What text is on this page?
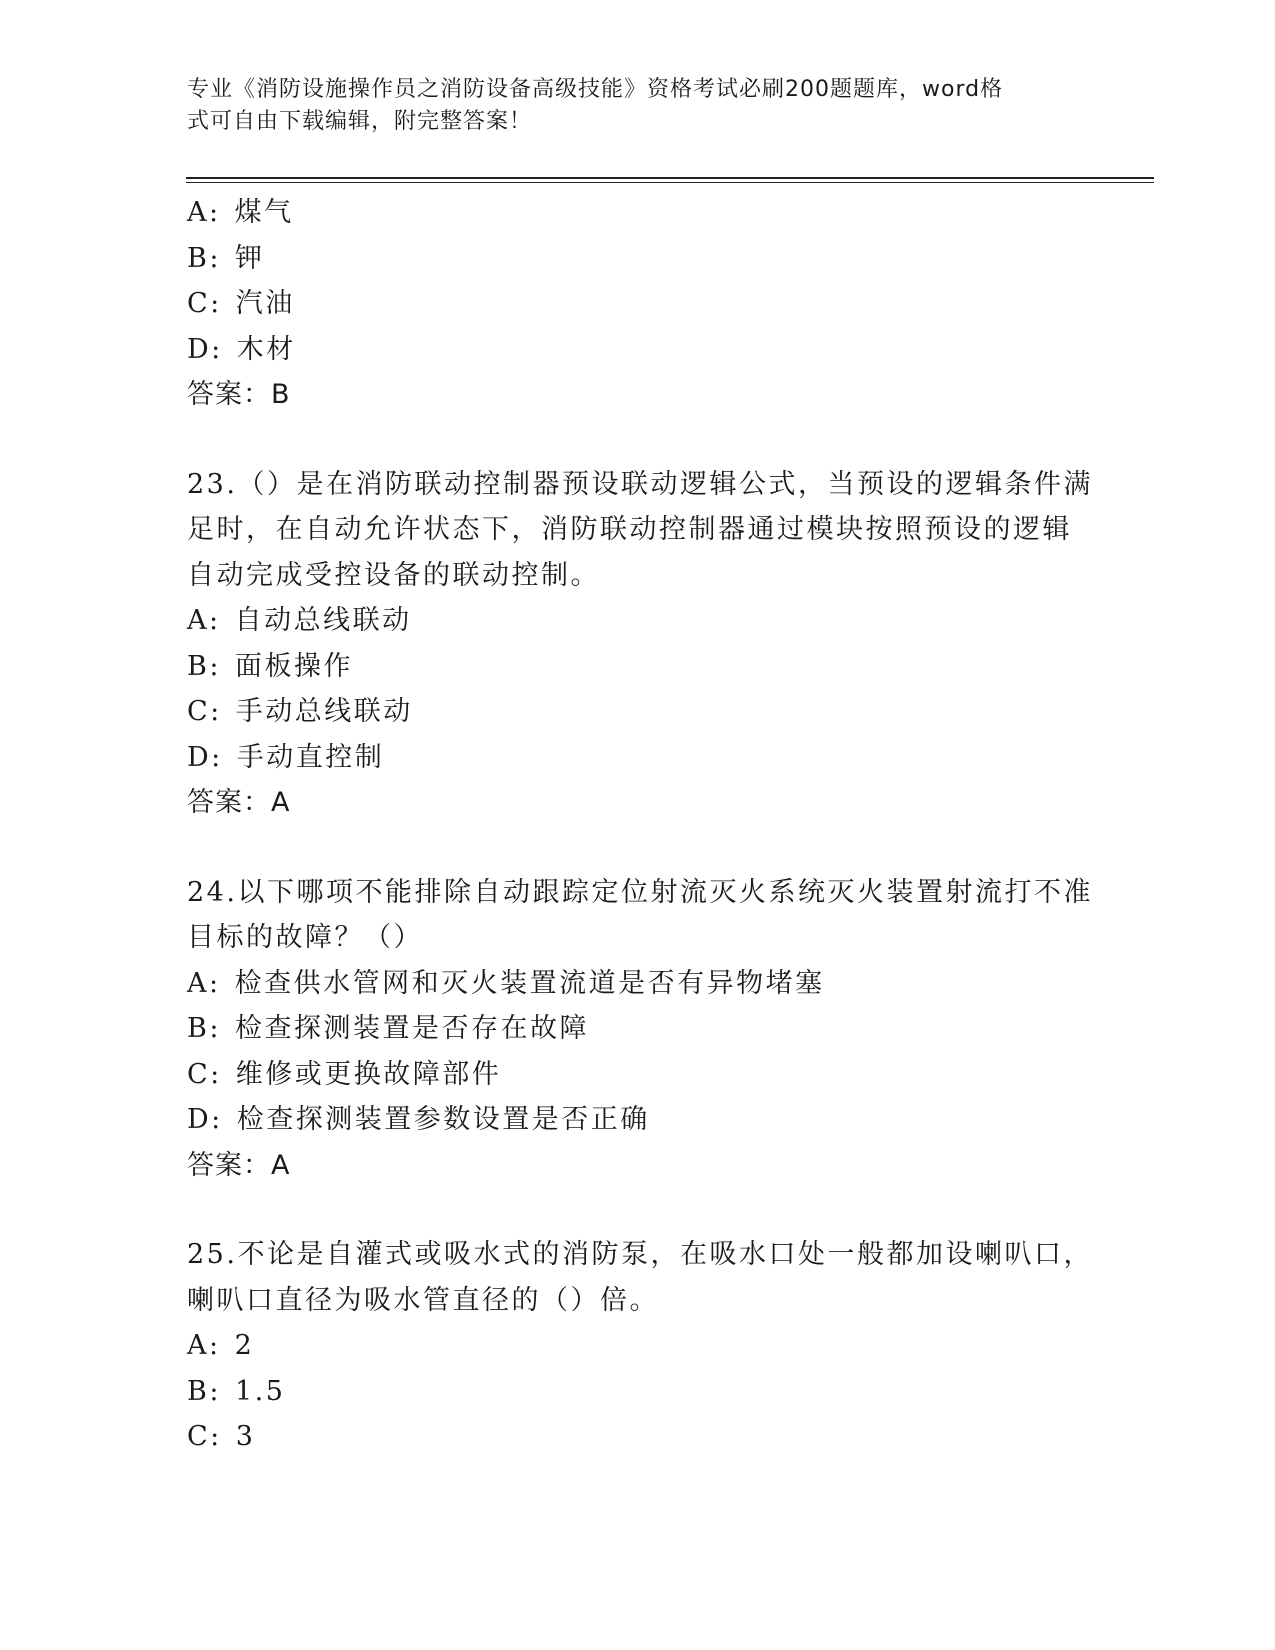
专业《消防设施操作员之消防设备高级技能》资格考试必刷200题题库，word格
式可自由下载编辑，附完整答案！
A: 煤气
B: 钾
C: 汽油
D: 木材
答案：B
23.（）是在消防联动控制器预设联动逻辑公式，当预设的逻辑条件满
足时，在自动允许状态下，消防联动控制器通过模块按照预设的逻辑
自动完成受控设备的联动控制。
A: 自动总线联动
B: 面板操作
C: 手动总线联动
D: 手动直控制
答案：A
24.以下哪项不能排除自动跟踪定位射流灭火系统灭火装置射流打不准
目标的故障？（）
A: 检查供水管网和灭火装置流道是否有异物堵塞
B: 检查探测装置是否存在故障
C: 维修或更换故障部件
D: 检查探测装置参数设置是否正确
答案：A
25.不论是自灌式或吸水式的消防泵，在吸水口处一般都加设喇叭口，
喇叭口直径为吸水管直径的（）倍。
A: 2
B: 1.5
C: 3
